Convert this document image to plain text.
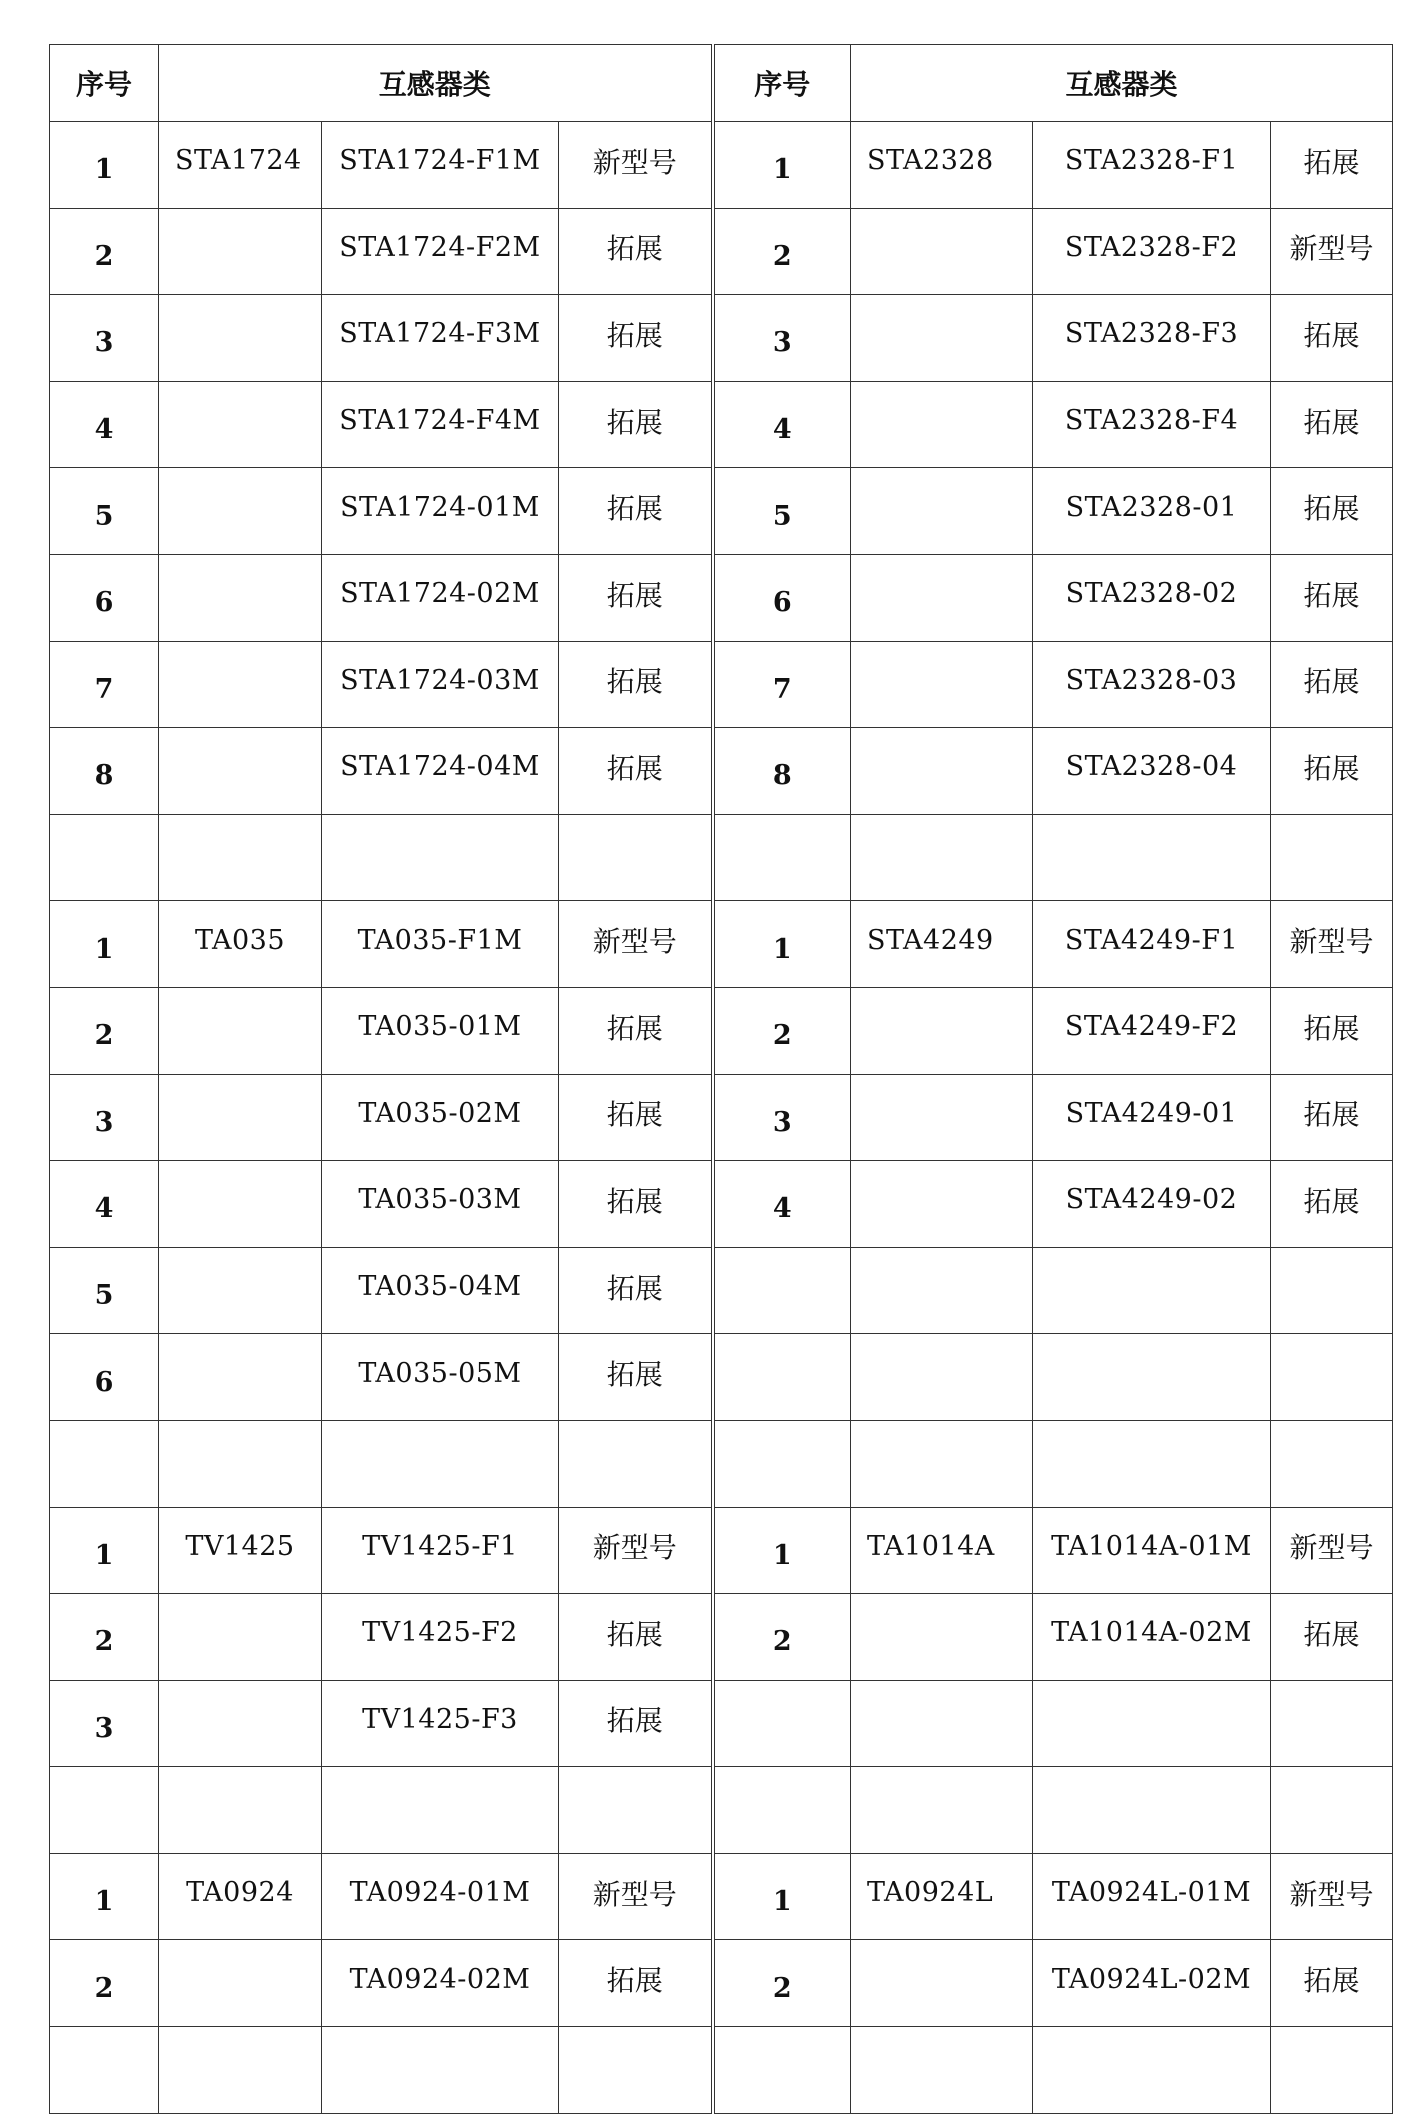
序号	互感器类			序号	互感器类		
1	STA1724	STA1724-F1M	新型号	1	STA2328	STA2328-F1	拓展
2		STA1724-F2M	拓展	2		STA2328-F2	新型号
3		STA1724-F3M	拓展	3		STA2328-F3	拓展
4		STA1724-F4M	拓展	4		STA2328-F4	拓展
5		STA1724-01M	拓展	5		STA2328-01	拓展
6		STA1724-02M	拓展	6		STA2328-02	拓展
7		STA1724-03M	拓展	7		STA2328-03	拓展
8		STA1724-04M	拓展	8		STA2328-04	拓展

1	TA035	TA035-F1M	新型号	1	STA4249	STA4249-F1	新型号
2		TA035-01M	拓展	2		STA4249-F2	拓展
3		TA035-02M	拓展	3		STA4249-01	拓展
4		TA035-03M	拓展	4		STA4249-02	拓展
5		TA035-04M	拓展				
6		TA035-05M	拓展				

1	TV1425	TV1425-F1	新型号	1	TA1014A	TA1014A-01M	新型号
2		TV1425-F2	拓展	2		TA1014A-02M	拓展
3		TV1425-F3	拓展				

1	TA0924	TA0924-01M	新型号	1	TA0924L	TA0924L-01M	新型号
2		TA0924-02M	拓展	2		TA0924L-02M	拓展
